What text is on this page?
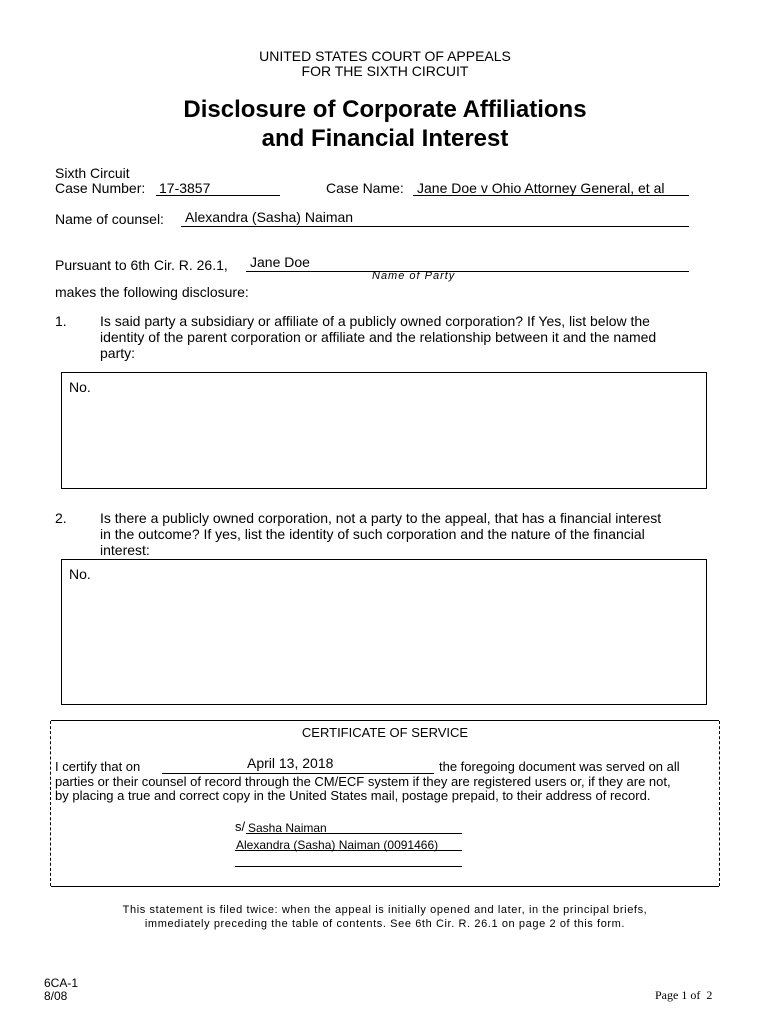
UNITED STATES COURT OF APPEALS
FOR THE SIXTH CIRCUIT
Disclosure of Corporate Affiliations
and Financial Interest
Sixth Circuit
Case Number: 17-3857	Case Name: Jane Doe v Ohio Attorney General, et al
Name of counsel: Alexandra (Sasha) Naiman
Pursuant to 6th Cir. R. 26.1, Jane Doe
Name of Party
makes the following disclosure:
1. Is said party a subsidiary or affiliate of a publicly owned corporation? If Yes, list below the
identity of the parent corporation or affiliate and the relationship between it and the named
party:
No.
2. Is there a publicly owned corporation, not a party to the appeal, that has a financial interest
in the outcome? If yes, list the identity of such corporation and the nature of the financial
interest:
No.
CERTIFICATE OF SERVICE
I certify that on	April 13, 2018	the foregoing document was served on all
parties or their counsel of record through the CM/ECF system if they are registered users or, if they are not,
by placing a true and correct copy in the United States mail, postage prepaid, to their address of record.
s/ Sasha Naiman
Alexandra (Sasha) Naiman (0091466)
This statement is filed twice: when the appeal is initially opened and later, in the principal briefs,
immediately preceding the table of contents. See 6th Cir. R. 26.1 on page 2 of this form.
6CA-1
8/08	Page 1 of  2
